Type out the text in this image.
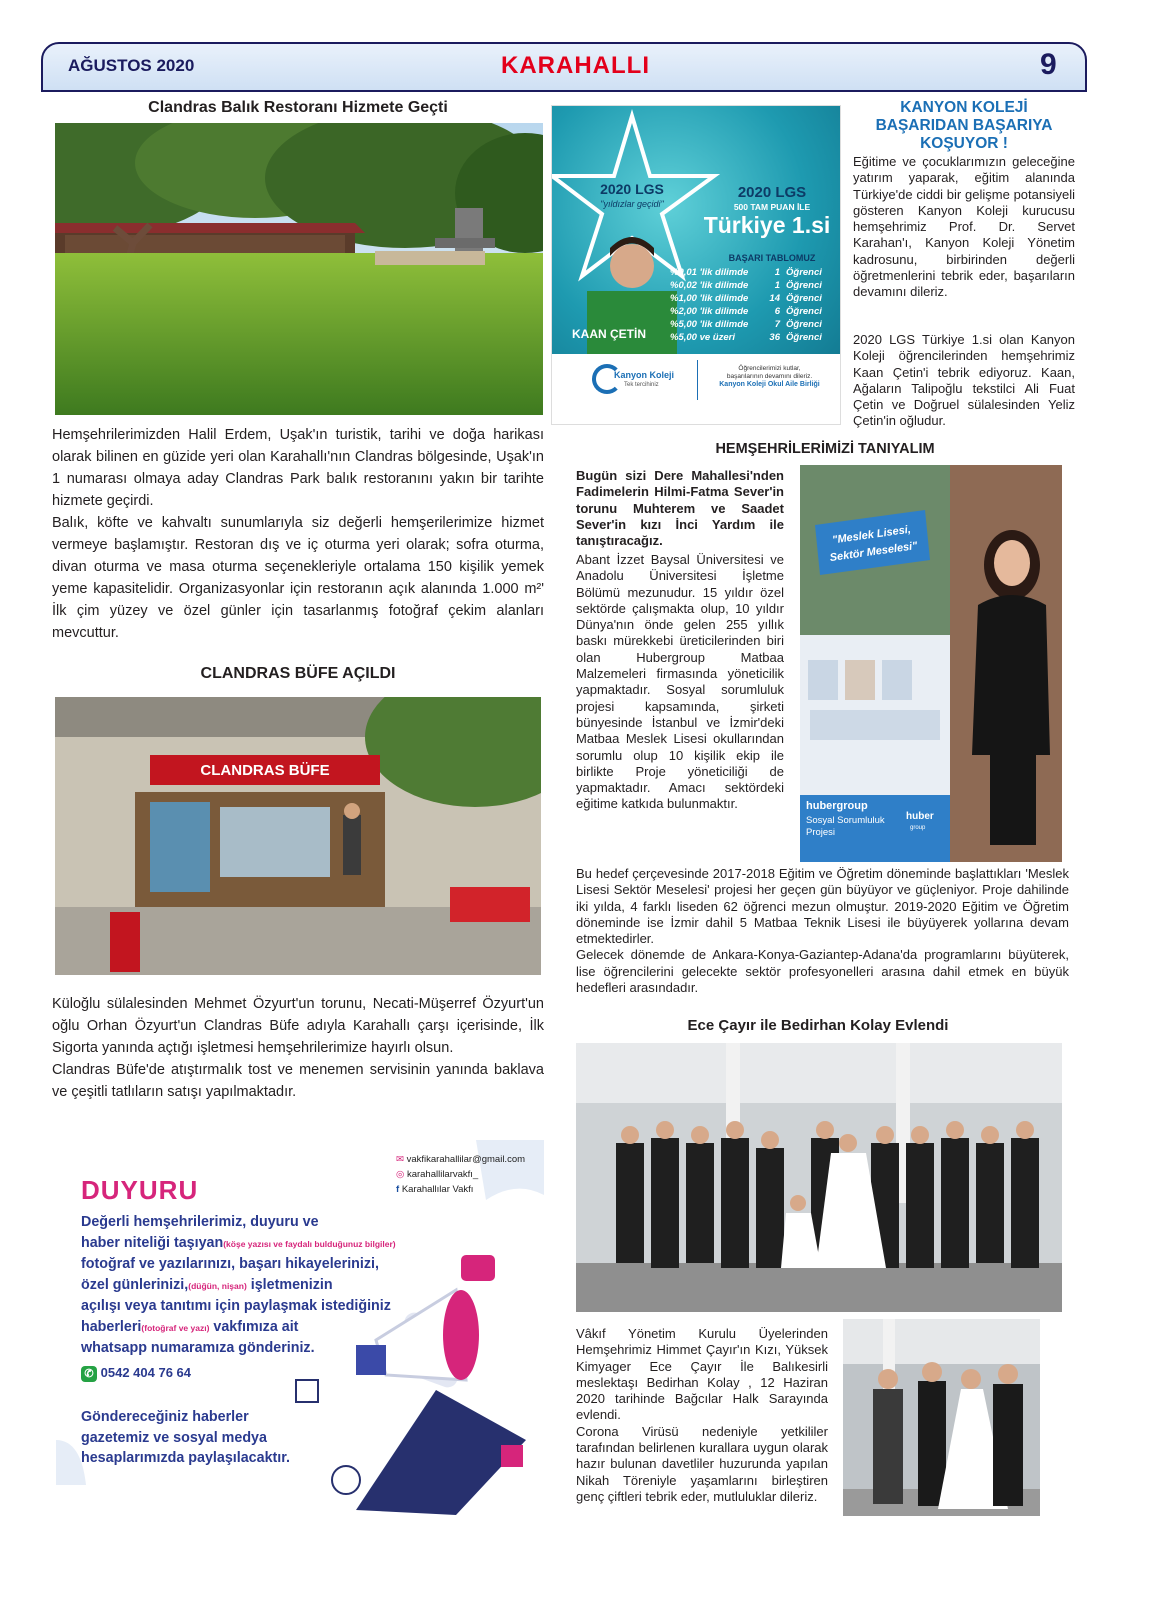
AĞUSTOS 2020	KARAHALLI	9
Clandras Balık Restoranı Hizmete Geçti
Hemşehrilerimizden Halil Erdem, Uşak'ın turistik, tarihi ve doğa harikası olarak bilinen en güzide yeri olan Karahallı'nın Clandras bölgesinde, Uşak'ın 1 numarası olmaya aday Clandras Park balık restoranını yakın bir tarihte hizmete geçirdi.
Balık, köfte ve kahvaltı sunumlarıyla siz değerli hemşerilerimize hizmet vermeye başlamıştır. Restoran dış ve iç oturma yeri olarak; sofra oturma, divan oturma ve masa oturma seçenekleriyle ortalama 150 kişilik yemek yeme kapasitelidir. Organizasyonlar için restoranın açık alanında 1.000 m²' İlk çim yüzey ve özel günler için tasarlanmış fotoğraf çekim alanları mevcuttur.
CLANDRAS BÜFE AÇILDI
CLANDRAS BÜFE
Küloğlu sülalesinden Mehmet Özyurt'un torunu, Necati-Müşerref Özyurt'un oğlu Orhan Özyurt'un Clandras Büfe adıyla Karahallı çarşı içerisinde, İlk Sigorta yanında açtığı işletmesi hemşehrilerimize hayırlı olsun.
Clandras Büfe'de atıştırmalık tost ve menemen servisinin yanında baklava ve çeşitli tatlıların satışı yapılmaktadır.
✉ vakfikarahallilar@gmail.com
◎ karahallilarvakfı_
f Karahallılar Vakfı
DUYURU
Değerli hemşehrilerimiz, duyuru ve
haber niteliği taşıyan(köşe yazısı ve faydalı bulduğunuz bilgiler)
fotoğraf ve yazılarınızı, başarı hikayelerinizi,
özel günlerinizi,(düğün, nişan) işletmenizin
açılışı veya tanıtımı için paylaşmak istediğiniz
haberleri(fotoğraf ve yazı) vakfımıza ait
whatsapp numaramıza gönderiniz.
✆ 0542 404 76 64
Göndereceğiniz haberler
gazetemiz ve sosyal medya
hesaplarımızda paylaşılacaktır.
2020 LGS
"yıldızlar geçidi"
2020 LGS
500 TAM PUAN İLE
Türkiye 1.si
BAŞARI TABLOMUZ
%0,01 'lik dilimde	1 Öğrenci
%0,02 'lik dilimde	1 Öğrenci
%1,00 'lik dilimde	14 Öğrenci
%2,00 'lik dilimde	6 Öğrenci
%5,00 'lik dilimde	7 Öğrenci
%5,00 ve üzeri	36 Öğrenci
KAAN ÇETİN
Kanyon Koleji
Tek tercihiniz
Öğrencilerimizi kutlar,
başarılarının devamını dileriz.
Kanyon Koleji Okul Aile Birliği
KANYON KOLEJİ
BAŞARIDAN BAŞARIYA
KOŞUYOR !
Eğitime ve çocuklarımızın geleceğine yatırım yaparak, eğitim alanında Türkiye'de ciddi bir gelişme potansiyeli gösteren Kanyon Koleji kurucusu hemşehrimiz Prof. Dr. Servet Karahan'ı, Kanyon Koleji Yönetim kadrosunu, birbirinden değerli öğretmenlerini tebrik eder, başarıların devamını dileriz.
2020 LGS Türkiye 1.si olan Kanyon Koleji öğrencilerinden hemşehrimiz Kaan Çetin'i tebrik ediyoruz. Kaan, Ağaların Talipoğlu tekstilci Ali Fuat Çetin ve Doğruel sülalesinden Yeliz Çetin'in oğludur.
HEMŞEHRİLERİMİZİ TANIYALIM
Bugün sizi Dere Mahallesi'nden Fadimelerin Hilmi-Fatma Sever'in torunu Muhterem ve Saadet Sever'in kızı İnci Yardım ile tanıştıracağız.
Abant İzzet Baysal Üniversitesi ve Anadolu Üniversitesi İşletme Bölümü mezunudur. 15 yıldır özel sektörde çalışmakta olup, 10 yıldır Dünya'nın önde gelen 255 yıllık baskı mürekkebi üreticilerinden biri olan Hubergroup Matbaa Malzemeleri firmasında yöneticilik yapmaktadır. Sosyal sorumluluk projesi kapsamında, şirketi bünyesinde İstanbul ve İzmir'deki Matbaa Meslek Lisesi okullarından sorumlu olup 10 kişilik ekip ile birlikte Proje yöneticiliği de yapmaktadır. Amacı sektördeki eğitime katkıda bulunmaktır.
"Meslek Lisesi,
Sektör Meselesi"
hubergroup
Sosyal Sorumluluk
Projesi
huber
group
Bu hedef çerçevesinde 2017-2018 Eğitim ve Öğretim döneminde başlattıkları 'Meslek Lisesi Sektör Meselesi' projesi her geçen gün büyüyor ve güçleniyor. Proje dahilinde iki yılda, 4 farklı liseden 62 öğrenci mezun olmuştur. 2019-2020 Eğitim ve Öğretim döneminde ise İzmir dahil 5 Matbaa Teknik Lisesi ile büyüyerek yollarına devam etmektedirler.
Gelecek dönemde de Ankara-Konya-Gaziantep-Adana'da programlarını büyüterek, lise öğrencilerini gelecekte sektör profesyonelleri arasına dahil etmek en büyük hedefleri arasındadır.
Ece Çayır ile Bedirhan Kolay Evlendi
Vâkıf Yönetim Kurulu Üyelerinden Hemşehrimiz Himmet Çayır'ın Kızı, Yüksek Kimyager Ece Çayır İle Balıkesirli meslektaşı Bedirhan Kolay , 12 Haziran 2020 tarihinde Bağcılar Halk Sarayında evlendi.
Corona Virüsü nedeniyle yetkililer tarafından belirlenen kurallara uygun olarak hazır bulunan davetliler huzurunda yapılan Nikah Töreniyle yaşamlarını birleştiren genç çiftleri tebrik eder, mutluluklar dileriz.
